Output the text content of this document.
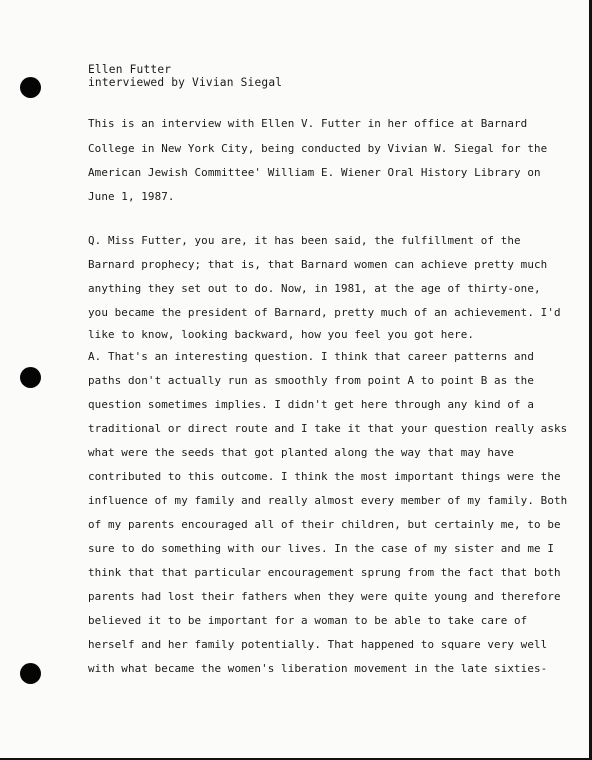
Ellen Futter
interviewed by Vivian Siegal
This is an interview with Ellen V. Futter in her office at Barnard
College in New York City, being conducted by Vivian W. Siegal for the
American Jewish Committee' William E. Wiener Oral History Library on
June 1, 1987.
Q. Miss Futter, you are, it has been said, the fulfillment of the
Barnard prophecy; that is, that Barnard women can achieve pretty much
anything they set out to do. Now, in 1981, at the age of thirty-one,
you became the president of Barnard, pretty much of an achievement. I'd
like to know, looking backward, how you feel you got here.
A. That's an interesting question. I think that career patterns and
paths don't actually run as smoothly from point A to point B as the
question sometimes implies. I didn't get here through any kind of a
traditional or direct route and I take it that your question really asks
what were the seeds that got planted along the way that may have
contributed to this outcome. I think the most important things were the
influence of my family and really almost every member of my family. Both
of my parents encouraged all of their children, but certainly me, to be
sure to do something with our lives. In the case of my sister and me I
think that that particular encouragement sprung from the fact that both
parents had lost their fathers when they were quite young and therefore
believed it to be important for a woman to be able to take care of
herself and her family potentially. That happened to square very well
with what became the women's liberation movement in the late sixties-
